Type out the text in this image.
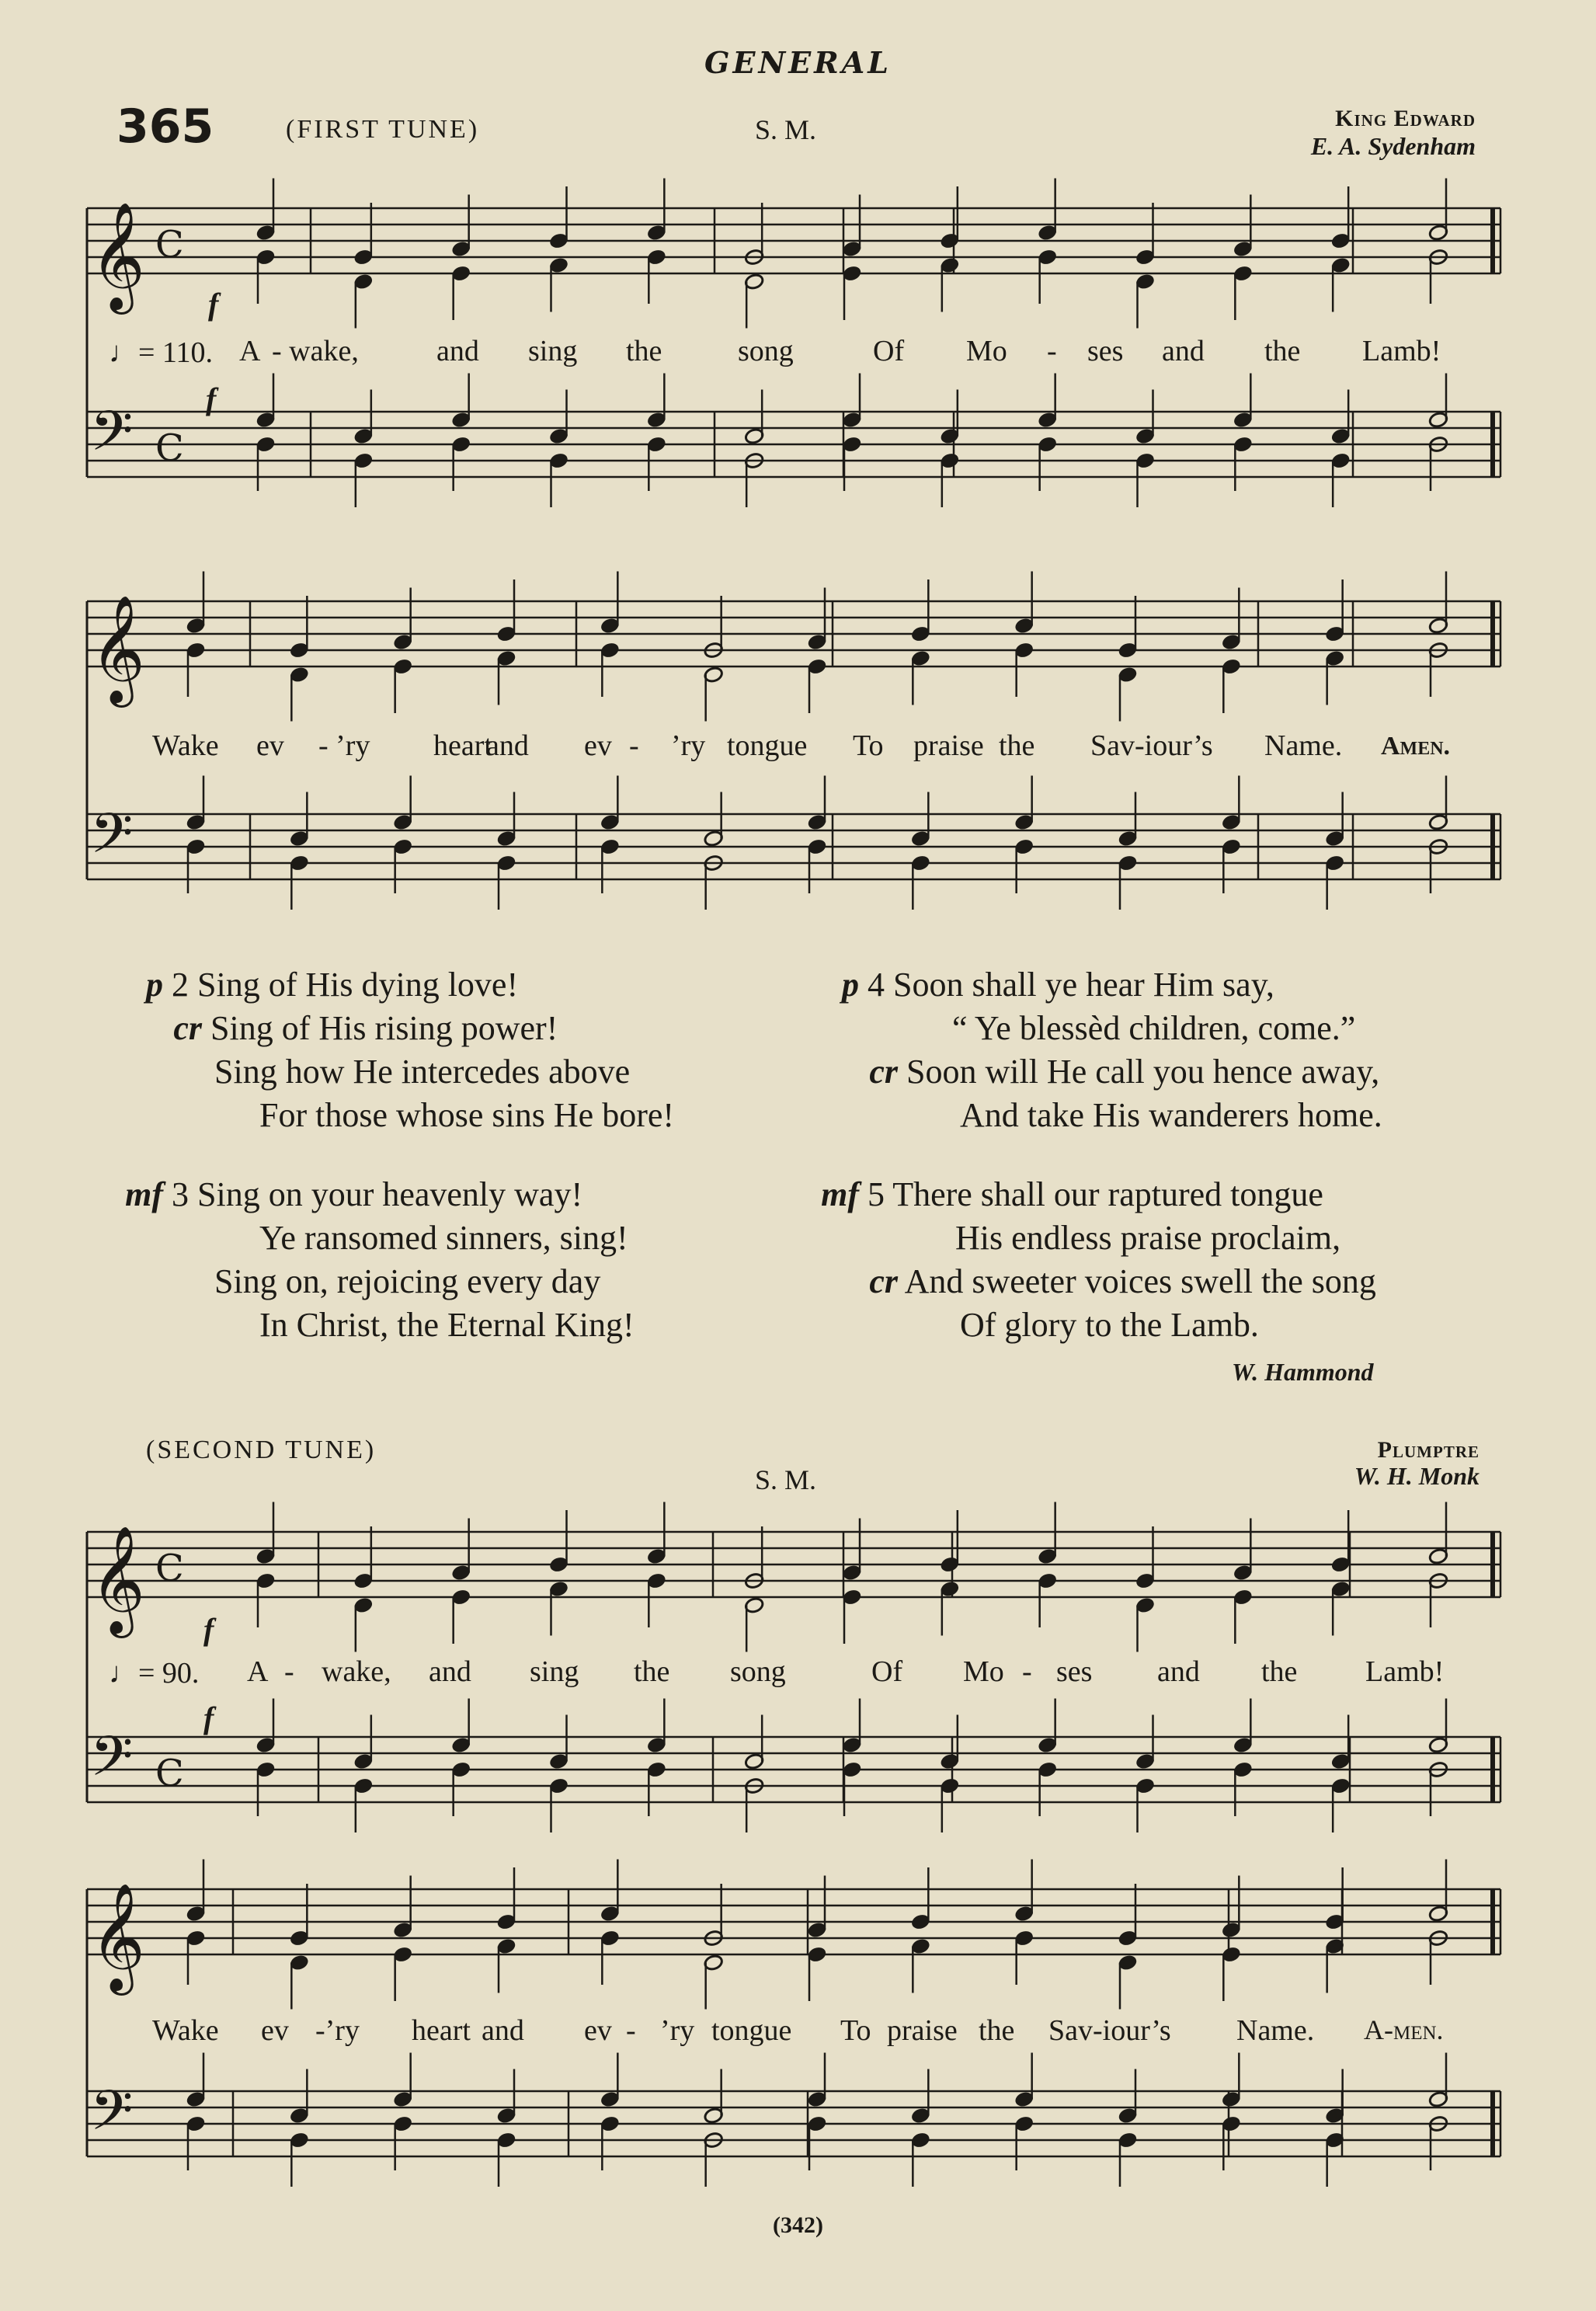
GENERAL
365	(FIRST TUNE)	S. M.	King Edward
E. A. Sydenham
𝄞
𝄢
C
C
𝄞
𝄢
𝄞
𝄢
C
C
𝄞
𝄢
f
♩= 110.
f
A - wake,	and sing the	song	Of Mo - ses and the Lamb!
Wake ev - ’ry heart
and ev - ’ry tongue To praise the Sav-iour’s Name. Amen.
p 2 Sing of His dying love!
cr Sing of His rising power!
Sing how He intercedes above
For those whose sins He bore!
mf 3 Sing on your heavenly way!
Ye ransomed sinners, sing!
Sing on, rejoicing every day
In Christ, the Eternal King!
p 4 Soon shall ye hear Him say,
“ Ye blessèd children, come.”
cr Soon will He call you hence away,
And take His wanderers home.
mf 5 There shall our raptured tongue
His endless praise proclaim,
cr And sweeter voices swell the song
Of glory to the Lamb.
W. Hammond
(SECOND TUNE)
S. M.
Plumptre
W. H. Monk
f
♩= 90.
f
A - wake, and sing the song	Of Mo - ses and the Lamb!
Wake ev -’ry heart and ev - ’ry tongue To praise the Sav-iour’s Name. A-men.
(342)
